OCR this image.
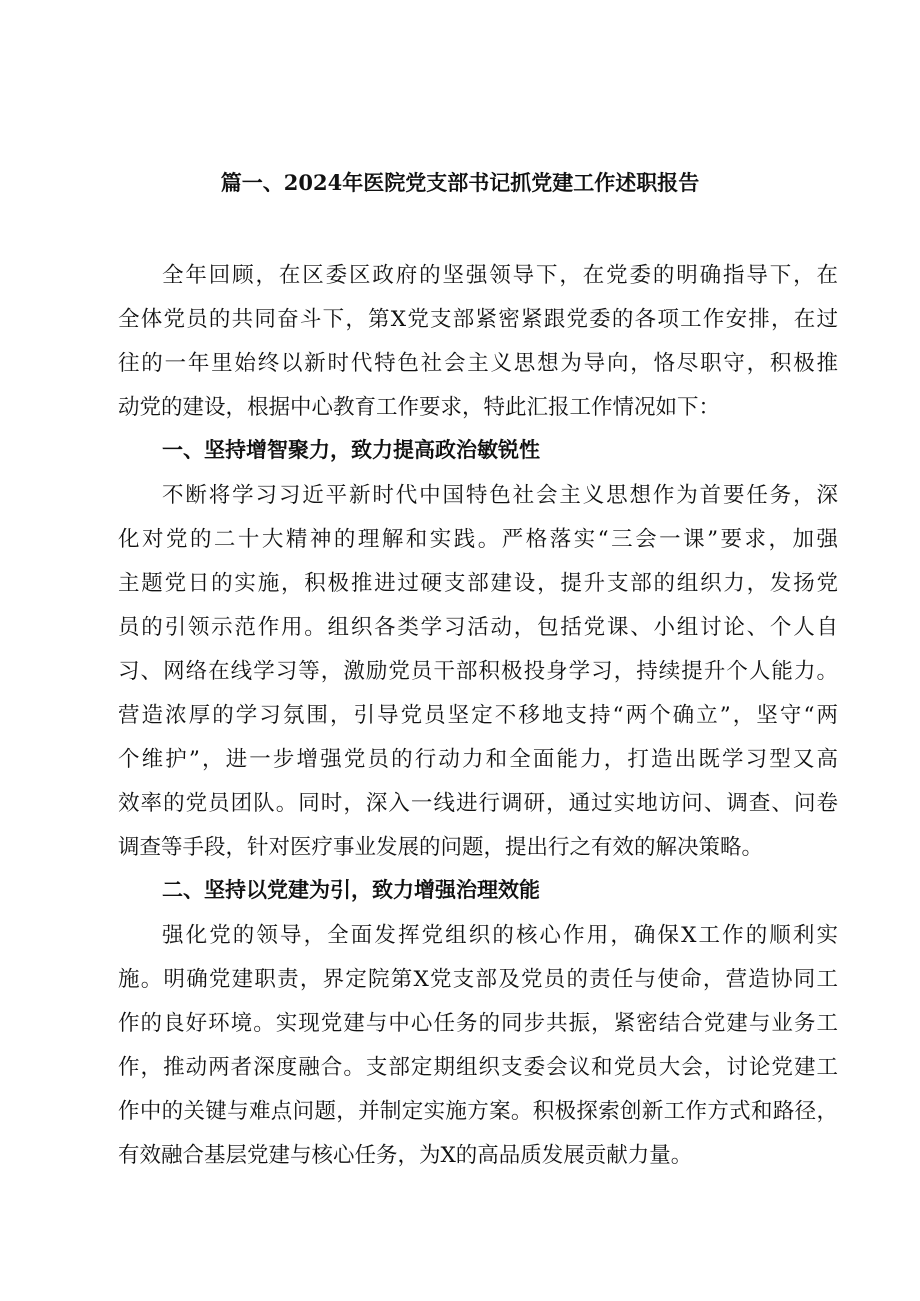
篇一、2024年医院党支部书记抓党建工作述职报告
全年回顾，在区委区政府的坚强领导下，在党委的明确指导下，在
全体党员的共同奋斗下，第X党支部紧密紧跟党委的各项工作安排，在过
往的一年里始终以新时代特色社会主义思想为导向，恪尽职守，积极推
动党的建设，根据中心教育工作要求，特此汇报工作情况如下：
一、坚持增智聚力，致力提高政治敏锐性
不断将学习习近平新时代中国特色社会主义思想作为首要任务，深
化对党的二十大精神的理解和实践。严格落实“三会一课”要求，加强
主题党日的实施，积极推进过硬支部建设，提升支部的组织力，发扬党
员的引领示范作用。组织各类学习活动，包括党课、小组讨论、个人自
习、网络在线学习等，激励党员干部积极投身学习，持续提升个人能力。
营造浓厚的学习氛围，引导党员坚定不移地支持“两个确立”，坚守“两
个维护”，进一步增强党员的行动力和全面能力，打造出既学习型又高
效率的党员团队。同时，深入一线进行调研，通过实地访问、调查、问卷
调查等手段，针对医疗事业发展的问题，提出行之有效的解决策略。
二、坚持以党建为引，致力增强治理效能
强化党的领导，全面发挥党组织的核心作用，确保X工作的顺利实
施。明确党建职责，界定院第X党支部及党员的责任与使命，营造协同工
作的良好环境。实现党建与中心任务的同步共振，紧密结合党建与业务工
作，推动两者深度融合。支部定期组织支委会议和党员大会，讨论党建工
作中的关键与难点问题，并制定实施方案。积极探索创新工作方式和路径，
有效融合基层党建与核心任务，为X的高品质发展贡献力量。
